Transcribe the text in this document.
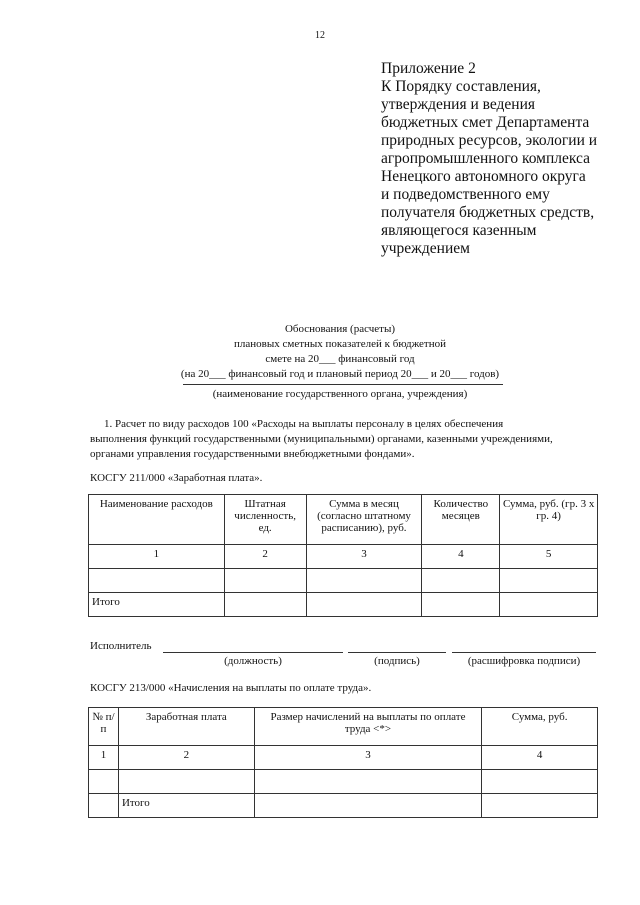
12
Приложение 2
К Порядку составления,
утверждения и ведения
бюджетных смет Департамента
природных ресурсов, экологии и
агропромышленного комплекса
Ненецкого автономного округа
и подведомственного ему
получателя бюджетных средств,
являющегося казенным
учреждением
Обоснования (расчеты)
плановых сметных показателей к бюджетной
смете на 20___ финансовый год
(на 20___ финансовый год и плановый период 20___ и 20___ годов)
(наименование государственного органа, учреждения)
1. Расчет по виду расходов 100 «Расходы на выплаты персоналу в целях обеспечения
выполнения функций государственными (муниципальными) органами, казенными учреждениями,
органами управления государственными внебюджетными фондами».
КОСГУ 211/000 «Заработная плата».
Наименование расходов	Штатная численность, ед.	Сумма в месяц (согласно штатному расписанию), руб.	Количество месяцев	Сумма, руб. (гр. 3 x гр. 4)
1	2	3	4	5

Итого				
Исполнитель
(должность)	(подпись)	(расшифровка подписи)
КОСГУ 213/000 «Начисления на выплаты по оплате труда».
№ п/п	Заработная плата	Размер начислений на выплаты по оплате труда <*>	Сумма, руб.
1	2	3	4

	Итого		
